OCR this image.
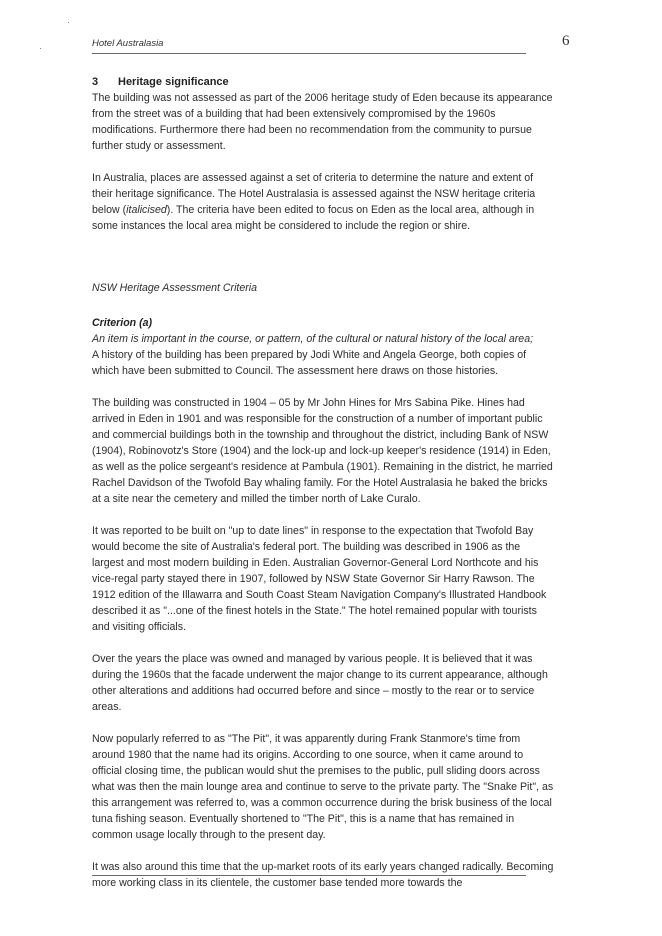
Hotel Australasia	6

3 Heritage significance

The building was not assessed as part of the 2006 heritage study of Eden because its appearance from the street was of a building that had been extensively compromised by the 1960s modifications. Furthermore there had been no recommendation from the community to pursue further study or assessment.

In Australia, places are assessed against a set of criteria to determine the nature and extent of their heritage significance. The Hotel Australasia is assessed against the NSW heritage criteria below (italicised). The criteria have been edited to focus on Eden as the local area, although in some instances the local area might be considered to include the region or shire.

NSW Heritage Assessment Criteria

Criterion (a)

An item is important in the course, or pattern, of the cultural or natural history of the local area;

A history of the building has been prepared by Jodi White and Angela George, both copies of which have been submitted to Council. The assessment here draws on those histories.

The building was constructed in 1904 – 05 by Mr John Hines for Mrs Sabina Pike. Hines had arrived in Eden in 1901 and was responsible for the construction of a number of important public and commercial buildings both in the township and throughout the district, including Bank of NSW (1904), Robinovotz's Store (1904) and the lock-up and lock-up keeper's residence (1914) in Eden, as well as the police sergeant's residence at Pambula (1901). Remaining in the district, he married Rachel Davidson of the Twofold Bay whaling family. For the Hotel Australasia he baked the bricks at a site near the cemetery and milled the timber north of Lake Curalo.

It was reported to be built on "up to date lines" in response to the expectation that Twofold Bay would become the site of Australia's federal port. The building was described in 1906 as the largest and most modern building in Eden. Australian Governor-General Lord Northcote and his vice-regal party stayed there in 1907, followed by NSW State Governor Sir Harry Rawson. The 1912 edition of the Illawarra and South Coast Steam Navigation Company's Illustrated Handbook described it as "...one of the finest hotels in the State." The hotel remained popular with tourists and visiting officials.

Over the years the place was owned and managed by various people. It is believed that it was during the 1960s that the facade underwent the major change to its current appearance, although other alterations and additions had occurred before and since – mostly to the rear or to service areas.

Now popularly referred to as "The Pit", it was apparently during Frank Stanmore's time from around 1980 that the name had its origins. According to one source, when it came around to official closing time, the publican would shut the premises to the public, pull sliding doors across what was then the main lounge area and continue to serve to the private party. The "Snake Pit", as this arrangement was referred to, was a common occurrence during the brisk business of the local tuna fishing season. Eventually shortened to "The Pit", this is a name that has remained in common usage locally through to the present day.

It was also around this time that the up-market roots of its early years changed radically. Becoming more working class in its clientele, the customer base tended more towards the
